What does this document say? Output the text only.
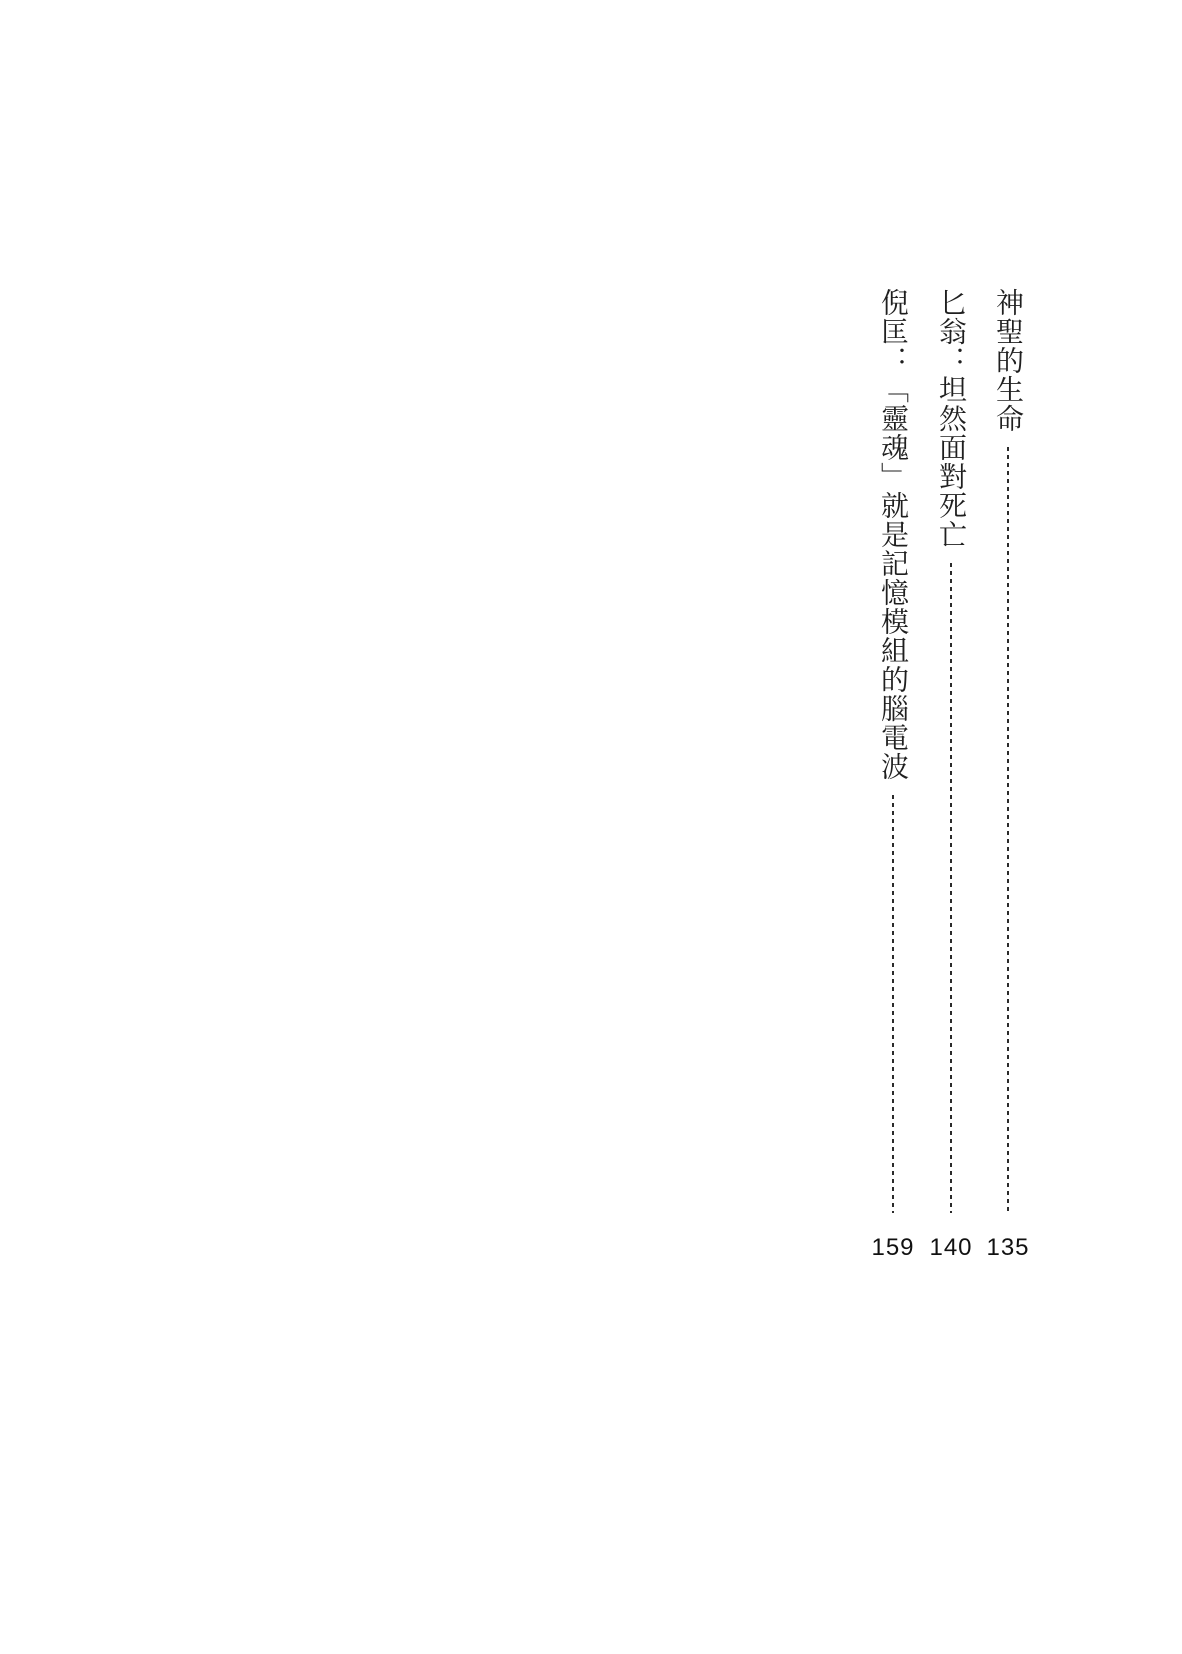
神聖的生命
135
匕翁：坦然面對死亡
140
倪匡：「靈魂」就是記憶模組的腦電波
159
